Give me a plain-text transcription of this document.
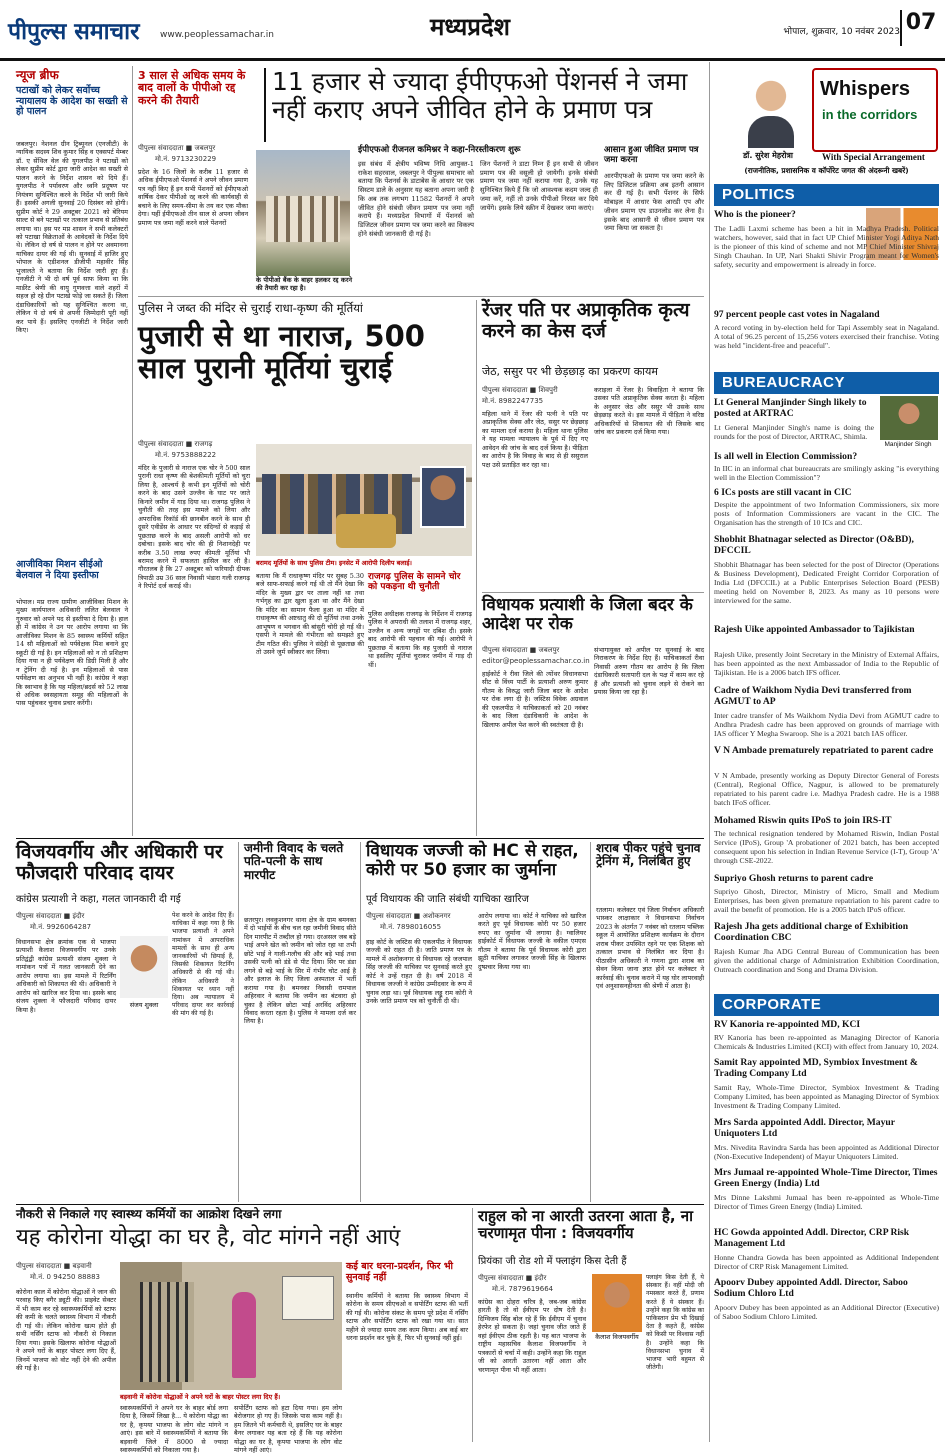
पीपुल्स समाचार	www.peoplessamachar.in	मध्यप्रदेश	भोपाल, शुक्रवार, 10 नवंबर 2023 07
न्यूज ब्रीफ
पटाखों को लेकर सर्वोच्च न्यायालय के आदेश का सख्ती से हो पालन
जबलपुर। नेशनल ग्रीन ट्रिब्यूनल (एनजीटी) के न्यायिक सदस्य शिव कुमार सिंह व एक्सपर्ट मेम्बर डॉ. ए सेंथिल वेल की युगलपीठ ने पटाखों को लेकर सुप्रीम कोर्ट द्वारा जारी आदेश का सख्ती से पालन करने के निर्देश शासन को दिये हैं। युगलपीठ ने पर्यावरण और ध्वनि प्रदूषण पर नियंत्रण सुनिश्चित करने के निर्देश भी जारी किये हैं। इसकी अगली सुनवाई 20 दिसंबर को होगी। सुप्रीम कोर्ट ने 29 अक्टूबर 2021 को बेरियम साल्ट से बने पटाखों पर तत्काल प्रभाव से प्रतिबंध लगाया था। इस पर मप्र शासन ने सभी कलेक्टरों को पटाखा विक्रेताओं के आवेदकों के निर्देश दिये थे। लेकिन दो वर्ष से पालन न होने पर अवमानना याचिका दायर की गई थी। सुनवाई में हाजिर हुए भोपाल के एडीशनल डीजीपी महावीर सिंह भुजालते ने बताया कि निर्देश जारी हुए हैं। एनजीटी ने भी दो वर्ष पूर्व साफ किया था कि मार्डरेट श्रेणी की वायु गुणवत्ता वाले शहरों में सहज हो रहे ग्रीन पटाखे फोड़े जा सकते हैं। जिला दंडाधिकारियों को यह सुनिश्चित करना था, लेकिन ये दो वर्ष से अपनी जिम्मेदारी पूरी नहीं कर पाये हैं। इसलिए एनजीटी ने निर्देश जारी किए।
आजीविका मिशन सीईओ बेलवाल ने दिया इस्तीफा
भोपाल। मप्र राज्य ग्रामीण आजीविका मिशन के मुख्य कार्यपालन अधिकारी ललित बेलवाल ने गुरुवार को अपने पद से इस्तीफा दे दिया है। हाल ही में कांग्रेस ने उन पर आरोप लगाया था कि आजीविका मिशन के 85 स्वास्थ्य कर्मियों सहित 14 सौ महिलाओं को पर्यवेक्षक मिश बनाने हुए स्कूटी दी गई है। इन महिलाओं को न तो प्रशिक्षण दिया गया न ही पर्यवेक्षण की डिग्री मिली है और न ट्रेनिंग दी गई है। इन महिलाओं से पास पर्यवेक्षण का अनुभव भी नहीं है। कांग्रेस ने कहा कि स्वाभाव है कि यह महिला/ब्रदर्स को 52 लाख से अधिक स्वसहायता समूह की महिलाओं के पास पहुंचकर चुनाव प्रचार करेंगी।
3 साल से अधिक समय के बाद वालों के पीपीओ रद्द करने की तैयारी
11 हजार से ज्यादा ईपीएफओ पेंशनर्स ने जमा नहीं कराए अपने जीवित होने के प्रमाण पत्र
पीपुल्स संवाददाता ■ जबलपुर
मो.नं. 9713230229
प्रदेश के 16 जिलों के करीब 11 हजार से अधिक ईपीएफओ पेंशनर्स ने अपने जीवन प्रमाण पत्र नहीं किए हैं इन सभी पेंशनरों को ईपीएफओ वार्षिक देकर पीपीओ रद्द करने की कार्यवाही से बचाने के लिए समय-सीमा के तय कर एक मौका देगा। यहीं ईपीएफओ तीन साल से अपना जीवन प्रमाण पत्र जमा नहीं करने वाले पेंशनरों
के पीपीओ बैंक के बाहर हलकर रद्द करने की तैयारी कर रहा है।
ईपीएफओ रीजनल कमिश्नर ने कहा-निरस्तीकरण शुरू
इस संबंध में क्षेत्रीय भविष्य निधि आयुक्त-1 राकेश सहरवाल, जबलपुर ने पीपुल्स समाचार को बताया कि पेंशनर्स के डाटाबेस के आधार पर एक सिस्टम डाले के अनुसार यह बताना अपना जारी है कि अब तक लगभग 11582 पेंशनरों ने अपने जीवित होने संबंधी जीवन प्रमाण पत्र जमा नहीं कराये हैं। मध्यप्रदेश विभागों में पेंशनर्स को डिजिटल जीवन प्रमाण पत्र जमा करने का विकल्प होने संबंधी जानकारी दी गई है।
जिन पेंशनरों ने डाटा निम्न हैं इन सभी से जीवन प्रमाण पत्र की वसूली हो जायेगी। इनके संबंधी प्रमाण पत्र जमा नहीं कराया गया है, उनके यह सुनिश्चित किये हैं कि जो आवश्यक कदम जल्द ही जमा करें, नहीं तो उनके पीपीओ निरस्त कर दिये जायेंगे। इसके लिये स्क्रीन में देखकर जमा कराएं।
आसान हुआ जीवित प्रमाण पत्र जमा करना
आरपीएफओ के प्रमाण पत्र जमा करने के लिए डिजिटल प्रक्रिया अब इतनी आसान कर दी गई है। सभी पेंशनर के सिर्फ मोबाइल में आधार फेस आरडी एप और जीवन प्रमाण एप डाउनलोड कर लेना है। इसके बाद आसानी से जीवन प्रमाण पत्र जमा किया जा सकता है।
Whispers
in the corridors
डॉ. सुरेश मेहरोत्रा	With Special Arrangement
(राजनीतिक, प्रशासनिक व कॉर्पोरेट जगत की अंदरूनी खबरें)
POLITICS
Who is the pioneer?
The Ladli Laxmi scheme has been a hit in Madhya Pradesh. Political watchers, however, said that in fact UP Chief Minister Yogi Aditya Nath is the pioneer of this kind of scheme and not MP Chief Minister Shivraj Singh Chauhan. In UP, Nari Shakti Shivir Program meant for Women's safety, security and empowerment is already in force.
97 percent people cast votes in Nagaland
A record voting in by-election held for Tapi Assembly seat in Nagaland. A total of 96.25 percent of 15,256 voters exercised their franchise. Voting was held "incident-free and peaceful".
BUREAUCRACY
Lt General Manjinder Singh likely to posted at ARTRAC
Manjinder Singh
Lt General Manjinder Singh's name is doing the rounds for the post of Director, ARTRAC, Shimla.
Is all well in Election Commission?
In IIC in an informal chat bureaucrats are smilingly asking "is everything well in the Election Commission"?
6 ICs posts are still vacant in CIC
Despite the appointment of two Information Commissioners, six more posts of Information Commissioners are vacant in the CIC. The Organisation has the strength of 10 ICs and CIC.
Shobhit Bhatnagar selected as Director (O&BD), DFCCIL
Shobhit Bhatnagar has been selected for the post of Director (Operations & Business Development), Dedicated Freight Corridor Corporation of India Ltd (DFCCIL) at a Public Enterprises Selection Board (PESB) meeting held on November 8, 2023. As many as 10 persons were interviewed for the same.
Rajesh Uike appointed Ambassador to Tajikistan
Rajesh Uike, presently Joint Secretary in the Ministry of External Affairs, has been appointed as the next Ambassador of India to the Republic of Tajikistan. He is a 2006 batch IFS officer.
Cadre of Waikhom Nydia Devi transferred from AGMUT to AP
Inter cadre transfer of Ms Waikhom Nydia Devi from AGMUT cadre to Andhra Pradesh cadre has been approved on grounds of marriage with IAS officer Y Megha Swaroop. She is a 2021 batch IAS officer.
V N Ambade prematurely repatriated to parent cadre
V N Ambade, presently working as Deputy Director General of Forests (Central), Regional Office, Nagpur, is allowed to be prematurely repatriated to his parent cadre i.e. Madhya Pradesh cadre. He is a 1988 batch IFoS officer.
Mohamed Riswin quits IPoS to join IRS-IT
The technical resignation tendered by Mohamed Riswin, Indian Postal Service (IPoS), Group 'A probationer of 2021 batch, has been accepted consequent upon his selection in Indian Revenue Service (I-T), Group 'A' through CSE-2022.
Supriyo Ghosh returns to parent cadre
Supriyo Ghosh, Director, Ministry of Micro, Small and Medium Enterprises, has been given premature repatriation to his parent cadre to avail the benefit of promotion. He is a 2005 batch IPoS officer.
Rajesh Jha gets additional charge of Exhibition Coordination CBC
Rajesh Kumar Jha ADG Central Bureau of Communication has been given the additional charge of Administration Exhibition Coordination, Outreach coordination and Song and Drama Division.
CORPORATE
RV Kanoria re-appointed MD, KCI
RV Kanoria has been re-appointed as Managing Director of Kanoria Chemicals & Industries Limited (KCI) with effect from January 10, 2024.
Samit Ray appointed MD, Symbiox Investment & Trading Company Ltd
Samit Ray, Whole-Time Director, Symbiox Investment & Trading Company Limited, has been appointed as Managing Director of Symbiox Investment & Trading Company Limited.
Mrs Sarda appointed Addl. Director, Mayur Uniquoters Ltd
Mrs. Nivedita Ravindra Sarda has been appointed as Additional Director (Non-Executive Independent) of Mayur Uniquoters Limited.
Mrs Jumaal re-appointed Whole-Time Director, Times Green Energy (India) Ltd
Mrs Dinne Lakshmi Jumaal has been re-appointed as Whole-Time Director of Times Green Energy (India) Limited.
HC Gowda appointed Addl. Director, CRP Risk Management Ltd
Honne Chandra Gowda has been appointed as Additional Independent Director of CRP Risk Management Limited.
Apoorv Dubey appointed Addl. Director, Saboo Sodium Chloro Ltd
Apoorv Dubey has been appointed as an Additional Director (Executive) of Saboo Sodium Chloro Limited.
पुलिस ने जब्त की मंदिर से चुराई राधा-कृष्ण की मूर्तियां
पुजारी से था नाराज, 500 साल पुरानी मूर्तियां चुराई
पीपुल्स संवाददाता ■ राजगढ़
मो.नं. 9753888222
मंदिर के पुजारी से नाराज एक चोर ने 500 साल पुरानी राधा कृष्ण की बेशकीमती मूर्तियों को चुरा लिया है, आश्चर्य है कभी इन मूर्तियों को चोरी करने के बाद उसने उज्जैन के घाट पर जाते किनारे जमीन में गाड़ दिया था। राजगढ़ पुलिस ने चुनौती की तरह इस मामले को लिया और अपराधिक रिकॉर्ड की छानबीन करने के साथ ही दूसरे एवीडेंस के आधार पर संदिग्धों से कड़ाई से पूछताछ करने के बाद असली आरोपी को धर दबोचा। इसके बाद चोर की ही निशानदेही पर करीब 3.50 लाख रुपए कीमती मूर्तियां भी बरामद करने में सफलता हासिल कर ली है। गौरतलब है कि 27 अक्टूबर को फरियादी दीपक त्रिपाठी उम्र 36 साल निवासी भंडारा गली राजगढ़ ने रिपोर्ट दर्ज कराई थी।
बरामद मूर्तियों के साथ पुलिस टीम। इनसेट में आरोपी दिलीप बलाई।
बताया कि मैं राधाकृष्ण मंदिर पर सुबह 5.30 बजे साफ-सफाई करने गई थी तो मैंने देखा कि मंदिर के मुख्य द्वार पर ताला नहीं था तथा गर्भगृह का द्वार खुला हुआ था और मैंने देखा कि मंदिर का सामान फैला हुआ था मंदिर में राधाकृष्ण की अष्टधातु की दो मूर्तियां तथा उनके आभूषण व भगवान की बांसुरी चोरी हो गई थी। एसपी ने मामले की गंभीरता को समझते हुए टीम गठित की। पुलिस ने संदेही से पूछताछ की तो उसने जुर्म स्वीकार कर लिया।
राजगढ़ पुलिस के सामने चोर को पकड़ना थी चुनौती
पुलिस अधीक्षक राजगढ़ के निर्देशन में राजगढ़ पुलिस ने अपराधी की तलाश में राजगढ़ शहर, उज्जैन व अन्य जगहों पर दबिश दी। इसके बाद आरोपी की पहचान की गई। आरोपी ने पूछताछ में बताया कि वह पुजारी से नाराज था इसलिए मूर्तियां चुराकर जमीन में गाड़ दी थीं।
रेंजर पति पर अप्राकृतिक कृत्य करने का केस दर्ज
जेठ, ससुर पर भी छेड़छाड़ का प्रकरण कायम
पीपुल्स संवाददाता ■ शिवपुरी
मो.नं. 8982247735
महिला थाने में रेंजर की पत्नी ने पति पर अप्राकृतिक सेक्स और जेठ, ससुर पर छेड़छाड़ का मामला दर्ज कराया है। महिला थाना पुलिस ने यह मामला न्यायालय के पूर्व में दिए गए आवेदन की जांच के बाद दर्ज किया है। पीड़िता का आरोप है कि विवाह के बाद से ही ससुराल पक्ष उसे प्रताड़ित कर रहा था।
कराइला में रेंजर है। विवाहिता ने बताया कि उसका पति अप्राकृतिक सेक्स करता है। महिला के अनुसार जेठ और ससुर भी उसके साथ छेड़छाड़ करते थे। इस मामले में पीड़िता ने वरिष्ठ अधिकारियों से शिकायत की थी जिसके बाद जांच कर प्रकरण दर्ज किया गया।
विधायक प्रत्याशी के जिला बदर के आदेश पर रोक
पीपुल्स संवाददाता ■ जबलपुर
editor@peoplessamachar.co.in
हाईकोर्ट ने रीवा जिले की त्योंथर विधानसभा सीट से विंध्य पार्टी के प्रत्याशी अरुण कुमार गौतम के विरुद्ध जारी जिला बदर के आदेश पर रोक लगा दी है। जस्टिस विवेक अग्रवाल की एकलपीठ ने याचिकाकर्ता को 20 नवंबर के बाद जिला दंडाधिकारी के आदेश के खिलाफ अपील पेश करने की स्वतंत्रता दी है।
संभागायुक्त को अपील पर सुनवाई के बाद निराकरण के निर्देश दिए हैं। याचिकाकर्ता रीवा निवासी अरुण गौतम का आरोप है कि जिला दंडाधिकारी सतापारी दल के पक्ष में काम कर रहे हैं और प्रत्याशी को चुनाव लड़ने से रोकने का प्रयास किया जा रहा है।
विजयवर्गीय और अधिकारी पर फौजदारी परिवाद दायर
कांग्रेस प्रत्याशी ने कहा, गलत जानकारी दी गई
पीपुल्स संवाददाता ■ इंदौर
मो.नं. 9926064287
विधानसभा क्षेत्र क्रमांक एक से भाजपा प्रत्याशी कैलाश विजयवर्गीय पर उनके प्रतिद्वंद्वी कांग्रेस प्रत्याशी संजय शुक्ला ने नामांकन पत्रों में गलत जानकारी देने का आरोप लगाया था। इस मामले में रिटर्निंग अधिकारी को शिकायत की थी। अधिकारी ने आरोप को खारिज कर दिया था। इसके बाद संजय शुक्ला ने फौजदारी परिवाद दायर किया है।
संजय शुक्ला
पेश करने के आदेश दिए हैं। याचिका में कहा गया है कि भाजपा प्रत्याशी ने अपने नामांकन में आपराधिक मामलों के साथ ही अन्य जानकारियों भी छिपाई हैं, जिसकी शिकायत रिटर्निंग अधिकारी से की गई थी। लेकिन अधिकारी ने शिकायत पर ध्यान नहीं दिया। अब न्यायालय में परिवाद दायर कर कार्रवाई की मांग की गई है।
जमीनी विवाद के चलते पति-पत्नी के साथ मारपीट
छतरपुर। लवकुशनगर थाना क्षेत्र के ग्राम बमनका में दो भाईयों के बीच चल रहा जमीनी विवाद सीते दिन मारपीट में तब्दील हो गया। दरअसल जब बड़े भाई अपने खेत को जमीन को जोत रहा था तभी छोटे भाई ने गाली-गलौच की और बड़े भाई तथा उसकी पत्नी को डंडे से पीट दिया। सिर पर डंडा लगने से बड़े भाई के सिर में गंभीर चोट आई है और इलाज के लिए जिला अस्पताल में भर्ती कराया गया है। बमनका निवासी रामपाल अहिरवार ने बताया कि जमीन का बंटवारा हो चुका है लेकिन छोटा भाई अरविंद अहिरवार विवाद करता रहता है। पुलिस ने मामला दर्ज कर लिया है।
विधायक जज्जी को HC से राहत, कोरी पर 50 हजार का जुर्माना
पूर्व विधायक की जाति संबंधी याचिका खारिज
पीपुल्स संवाददाता ■ अशोकनगर
मो.नं. 7898016055
हाइ कोर्ट के जस्टिस की एकलपीठ ने विधायक जज्जी को राहत दी है। जाति प्रमाण पत्र के मामले में अशोकनगर से विधायक रहे जजपाल सिंह जज्जी की याचिका पर सुनवाई करते हुए कोर्ट ने उन्हें राहत दी है। वर्ष 2018 में विधायक जज्जी ने कांग्रेस उम्मीदवार के रूप में चुनाव लड़ा था। पूर्व विधायक लड्डू राम कोरी ने उनके जाति प्रमाण पत्र को चुनौती दी थी।
आरोप लगाया था। कोर्ट ने याचिका को खारिज करते हुए पूर्व विधायक कोरी पर 50 हजार रुपए का जुर्माना भी लगाया है। ग्वालियर हाईकोर्ट में विधायक जज्जी के वकील एमएस गौतम ने बताया कि पूर्व विधायक कोरी द्वारा झूठी याचिका लगाकर जज्जी सिंह के खिलाफ दुष्प्रचार किया गया था।
शराब पीकर पहुंचे चुनाव ट्रेनिंग में, निलंबित हुए
रतलाम। कलेक्टर एवं जिला निर्वाचन अधिकारी भास्कर लाक्षाकार ने विधानसभा निर्वाचन 2023 के अंतर्गत 7 नवंबर को रतलाम पब्लिक स्कूल में आयोजित प्रशिक्षण कार्यक्रम के दौरान शराब पीकर उपस्थित रहने पर एक शिक्षक को तत्काल प्रभाव से निलंबित कर दिया है। पीठासीन अधिकारी ने गणना द्वारा शराब का सेवन किया जाना ज्ञात होने पर कलेक्टर ने कार्रवाई की। चुनाव कराने में यह घोर लापरवाही एवं अनुशासनहीनता की श्रेणी में आता है।
नौकरी से निकाले गए स्वास्थ्य कर्मियों का आक्रोश दिखने लगा
यह कोरोना योद्धा का घर है, वोट मांगने नहीं आएं
पीपुल्स संवाददाता ■ बड़वानी
मो.नं. 0 94250 88883
कोरोना काल में कोरोना योद्धाओं ने जान की परवाह किए बगैर ड्यूटी की। प्राइवेट सेक्टर में भी काम कर रहे स्वास्थ्यकर्मियों को स्टाफ की कमी के चलते स्वास्थ्य विभाग में नौकरी दी गई थी। लेकिन कोरोना खत्म होते ही सभी नर्सिंग स्टाफ को नौकरी से निकाल दिया गया। इसके खिलाफ कोरोना योद्धाओं ने अपने घरों के बाहर पोस्टर लगा दिए हैं, जिनमें भाजपा को वोट नहीं देने की अपील की गई है।
बड़वानी में कोरोना योद्धाओं ने अपने घरों के बाहर पोस्टर लगा दिए हैं।
स्वास्थ्यकर्मियों ने अपने घर के बाहर बोर्ड लगा दिया है, जिसमें लिखा है... ये कोरोना योद्धा का घर है, कृपया भाजपा के लोग वोट मांगने न आएं। इस बारे में स्वास्थ्यकर्मियों ने बताया कि बड़वानी जिले में 8000 से ज्यादा स्वास्थ्यकर्मियों को निकाला गया है।
सपोर्टिंग स्टाफ को हटा दिया गया। हम लोग बेरोजगार हो गए हैं। जिसके पास काम नहीं है। हम जितने भी कर्मचारी थे, इसलिए घर के बाहर बैनर लगाकर यह बता रहे हैं कि यह कोरोना योद्धा का घर है, कृपया भाजपा के लोग वोट मांगने नहीं आएं।
कई बार धरना-प्रदर्शन, फिर भी सुनवाई नहीं
स्थानीय कर्मियों ने बताया कि स्वास्थ्य विभाग में कोरोना के समय सीएचओ व सपोर्टिंग स्टाफ की भर्ती की गई थी। कोरोना संकट के समय पूरे प्रदेश में नर्सिंग स्टाफ और सपोर्टिंग स्टाफ को रखा गया था। सात महीने से ज्यादा समय तक काम किया। अब कई बार धरना प्रदर्शन कर चुके हैं, फिर भी सुनवाई नहीं हुई।
राहुल को ना आरती उतरना आता है, ना चरणामृत पीना : विजयवर्गीय
प्रियंका जी रोड शो में फ्लाइंग किस देती हैं
पीपुल्स संवाददाता ■ इंदौर
मो.नं. 7879619664
कांग्रेस का दोहरा चरित्र है, जब-जब कांग्रेस हारती है तो वो ईवीएम पर दोष देती है। दिग्विजय सिंह बोल रहे हैं कि ईवीएम में चुनाव हेरफेर हो सकता है। जहां चुनाव जीत जाते हैं वहां ईवीएम ठीक रहती है। यह बात भाजपा के राष्ट्रीय महासचिव कैलाश विजयवर्गीय ने पत्रकारों से चर्चा में कही। उन्होंने कहा कि राहुल जी को आरती उतारना नहीं आता और चरणामृत पीना भी नहीं आता।
कैलाश विजयवर्गीय
फ्लाइंग किस देती हैं, ये संस्कार हैं। वहीं मोदी जी नमस्कार करते हैं, प्रणाम करते हैं ये संस्कार हैं। उन्होंने कहा कि कांग्रेस का पाकिस्तान प्रेम भी दिखाई देता है कहते हैं, कांग्रेस को किसी पर विश्वास नहीं है। उन्होंने कहा कि विधानसभा चुनाव में भाजपा भारी बहुमत से जीतेगी।
